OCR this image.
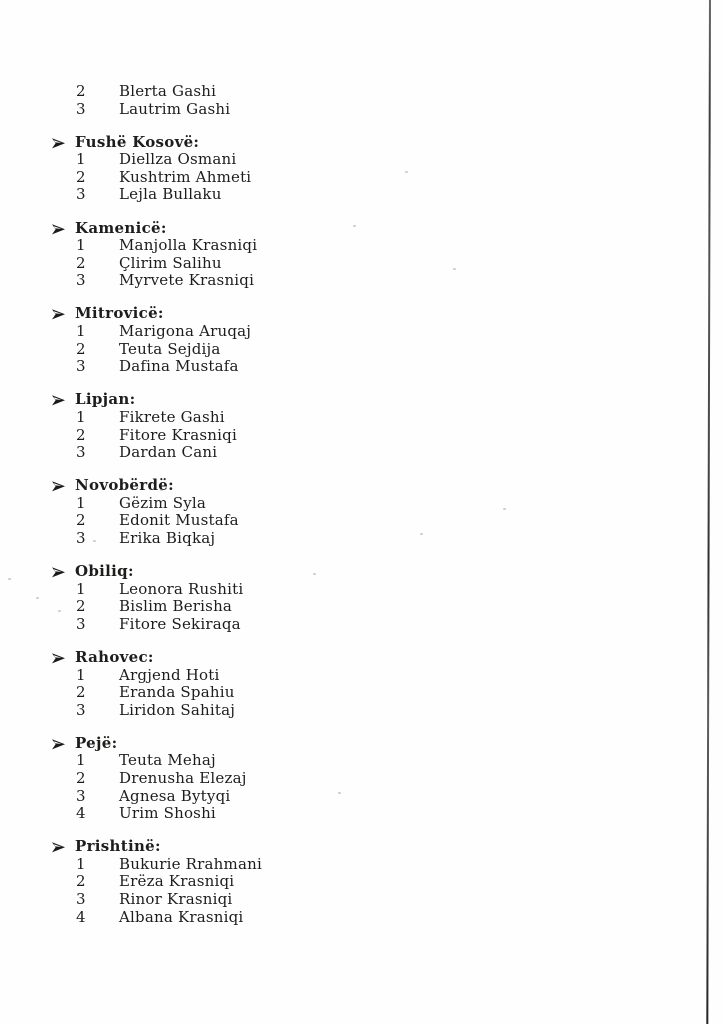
2	Blerta Gashi
3	Lautrim Gashi
Fushë Kosovë:
1	Diellza Osmani
2	Kushtrim Ahmeti
3	Lejla Bullaku
Kamenicë:
1	Manjolla Krasniqi
2	Çlirim Salihu
3	Myrvete Krasniqi
Mitrovicë:
1	Marigona Aruqaj
2	Teuta Sejdija
3	Dafina Mustafa
Lipjan:
1	Fikrete Gashi
2	Fitore Krasniqi
3	Dardan Cani
Novobërdë:
1	Gëzim Syla
2	Edonit Mustafa
3	Erika Biqkaj
Obiliq:
1	Leonora Rushiti
2	Bislim Berisha
3	Fitore Sekiraqa
Rahovec:
1	Argjend Hoti
2	Eranda Spahiu
3	Liridon Sahitaj
Pejë:
1	Teuta Mehaj
2	Drenusha Elezaj
3	Agnesa Bytyqi
4	Urim Shoshi
Prishtinë:
1	Bukurie Rrahmani
2	Erëza Krasniqi
3	Rinor Krasniqi
4	Albana Krasniqi
